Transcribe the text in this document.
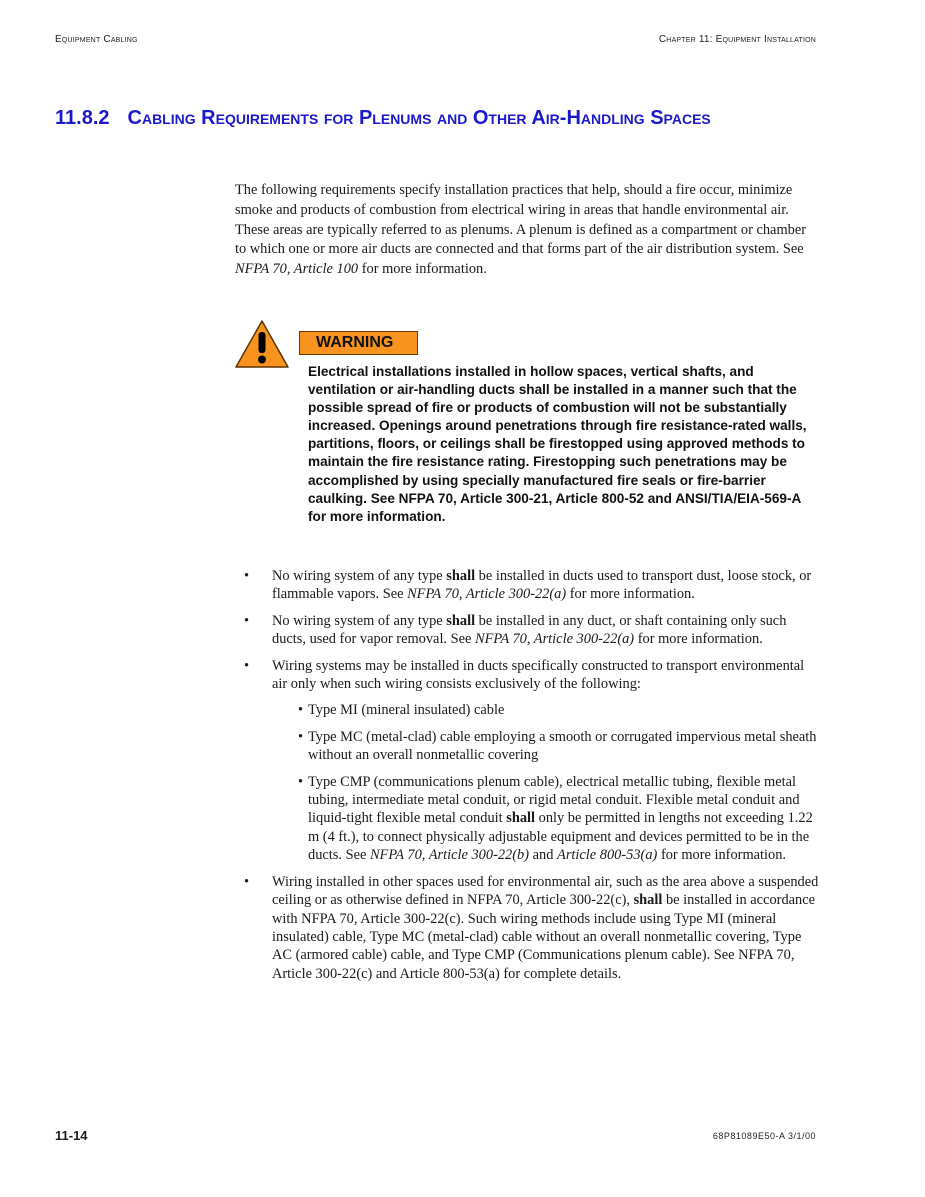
Equipment Cabling	Chapter 11: Equipment Installation
11.8.2 Cabling Requirements for Plenums and Other Air-Handling Spaces

The following requirements specify installation practices that help, should a fire occur, minimize smoke and products of combustion from electrical wiring in areas that handle environmental air. These areas are typically referred to as plenums. A plenum is defined as a compartment or chamber to which one or more air ducts are connected and that forms part of the air distribution system. See NFPA 70, Article 100 for more information.

WARNING

Electrical installations installed in hollow spaces, vertical shafts, and ventilation or air-handling ducts shall be installed in a manner such that the possible spread of fire or products of combustion will not be substantially increased. Openings around penetrations through fire resistance-rated walls, partitions, floors, or ceilings shall be firestopped using approved methods to maintain the fire resistance rating. Firestopping such penetrations may be accomplished by using specially manufactured fire seals or fire-barrier caulking. See NFPA 70, Article 300-21, Article 800-52 and ANSI/TIA/EIA-569-A for more information.

• No wiring system of any type shall be installed in ducts used to transport dust, loose stock, or flammable vapors. See NFPA 70, Article 300-22(a) for more information.
• No wiring system of any type shall be installed in any duct, or shaft containing only such ducts, used for vapor removal. See NFPA 70, Article 300-22(a) for more information.
• Wiring systems may be installed in ducts specifically constructed to transport environmental air only when such wiring consists exclusively of the following:
• Type MI (mineral insulated) cable
• Type MC (metal-clad) cable employing a smooth or corrugated impervious metal sheath without an overall nonmetallic covering
• Type CMP (communications plenum cable), electrical metallic tubing, flexible metal tubing, intermediate metal conduit, or rigid metal conduit. Flexible metal conduit and liquid-tight flexible metal conduit shall only be permitted in lengths not exceeding 1.22 m (4 ft.), to connect physically adjustable equipment and devices permitted to be in the ducts. See NFPA 70, Article 300-22(b) and Article 800-53(a) for more information.
• Wiring installed in other spaces used for environmental air, such as the area above a suspended ceiling or as otherwise defined in NFPA 70, Article 300-22(c), shall be installed in accordance with NFPA 70, Article 300-22(c). Such wiring methods include using Type MI (mineral insulated) cable, Type MC (metal-clad) cable without an overall nonmetallic covering, Type AC (armored cable) cable, and Type CMP (Communications plenum cable). See NFPA 70, Article 300-22(c) and Article 800-53(a) for complete details.
11-14	68P81089E50-A 3/1/00
